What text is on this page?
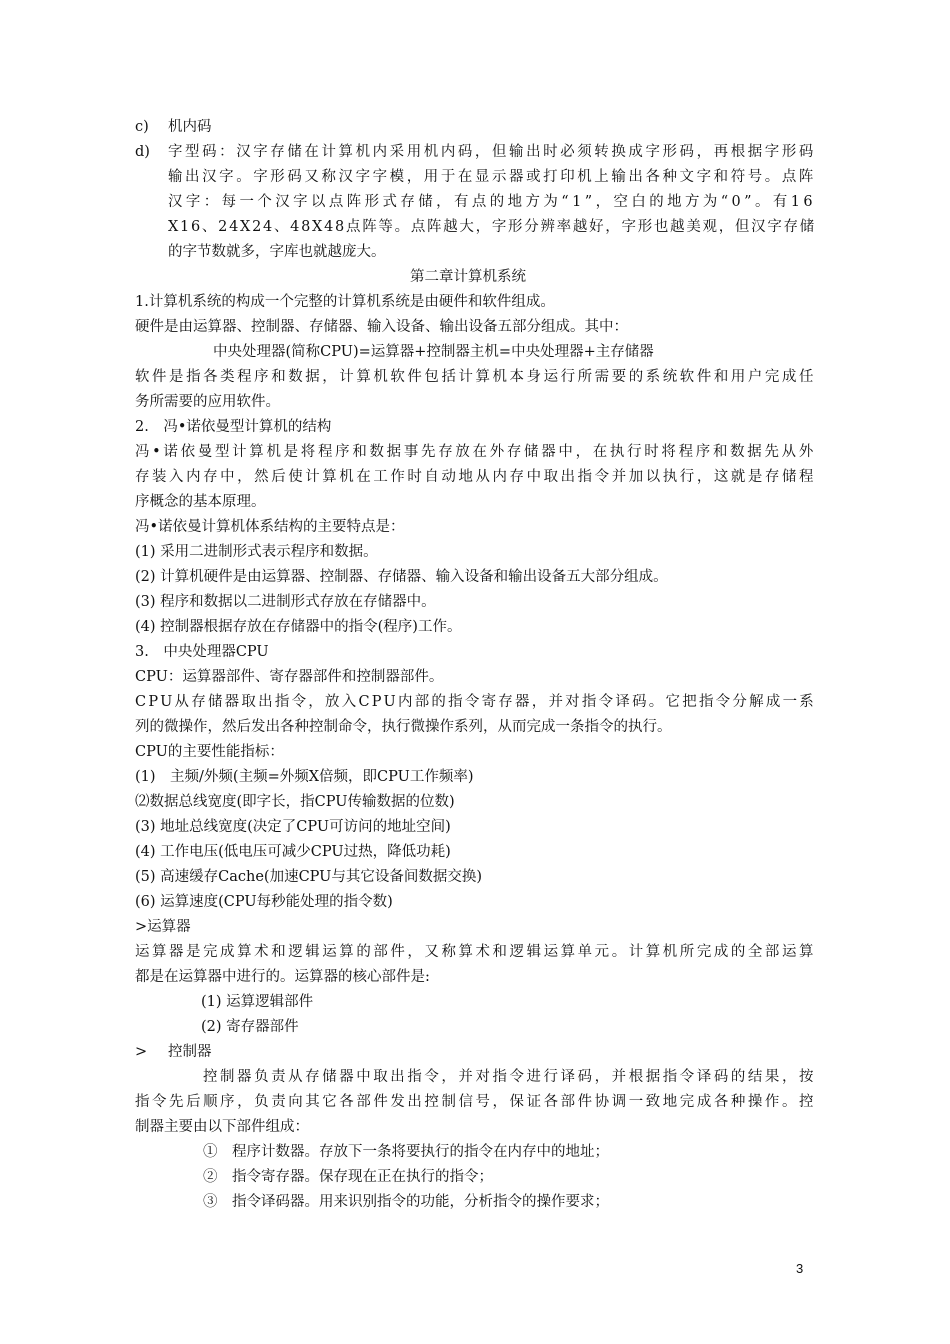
c) 机内码
d) 字型码：汉字存储在计算机内采用机内码，但输出时必须转换成字形码，再根据字形码
输出汉字。字形码又称汉字字模，用于在显示器或打印机上输出各种文字和符号。点阵
汉字：每一个汉字以点阵形式存储，有点的地方为“1”，空白的地方为“0”。有16
X16、24X24、48X48点阵等。点阵越大，字形分辨率越好，字形也越美观，但汉字存储
的字节数就多，字库也就越庞大。
第二章计算机系统
1.计算机系统的构成一个完整的计算机系统是由硬件和软件组成。
硬件是由运算器、控制器、存储器、输入设备、输出设备五部分组成。其中：
中央处理器(简称CPU)=运算器+控制器主机=中央处理器+主存储器
软件是指各类程序和数据，计算机软件包括计算机本身运行所需要的系统软件和用户完成任
务所需要的应用软件。
2.　冯•诺依曼型计算机的结构
冯•诺依曼型计算机是将程序和数据事先存放在外存储器中，在执行时将程序和数据先从外
存装入内存中，然后使计算机在工作时自动地从内存中取出指令并加以执行，这就是存储程
序概念的基本原理。
冯•诺依曼计算机体系结构的主要特点是：
(1) 采用二进制形式表示程序和数据。
(2) 计算机硬件是由运算器、控制器、存储器、输入设备和输出设备五大部分组成。
(3) 程序和数据以二进制形式存放在存储器中。
(4) 控制器根据存放在存储器中的指令(程序)工作。
3.　中央处理器CPU
CPU：运算器部件、寄存器部件和控制器部件。
CPU从存储器取出指令，放入CPU内部的指令寄存器，并对指令译码。它把指令分解成一系
列的微操作，然后发出各种控制命令，执行微操作系列，从而完成一条指令的执行。
CPU的主要性能指标：
(1)　主频/外频(主频=外频X倍频，即CPU工作频率)
⑵数据总线宽度(即字长，指CPU传输数据的位数)
(3) 地址总线宽度(决定了CPU可访问的地址空间)
(4) 工作电压(低电压可减少CPU过热，降低功耗)
(5) 高速缓存Cache(加速CPU与其它设备间数据交换)
(6) 运算速度(CPU每秒能处理的指令数)
>运算器
运算器是完成算术和逻辑运算的部件，又称算术和逻辑运算单元。计算机所完成的全部运算
都是在运算器中进行的。运算器的核心部件是:
(1) 运算逻辑部件
(2) 寄存器部件
> 控制器
控制器负责从存储器中取出指令，并对指令进行译码，并根据指令译码的结果，按
指令先后顺序，负责向其它各部件发出控制信号，保证各部件协调一致地完成各种操作。控
制器主要由以下部件组成：
①　程序计数器。存放下一条将要执行的指令在内存中的地址；
②　指令寄存器。保存现在正在执行的指令；
③　指令译码器。用来识别指令的功能，分析指令的操作要求；
3
